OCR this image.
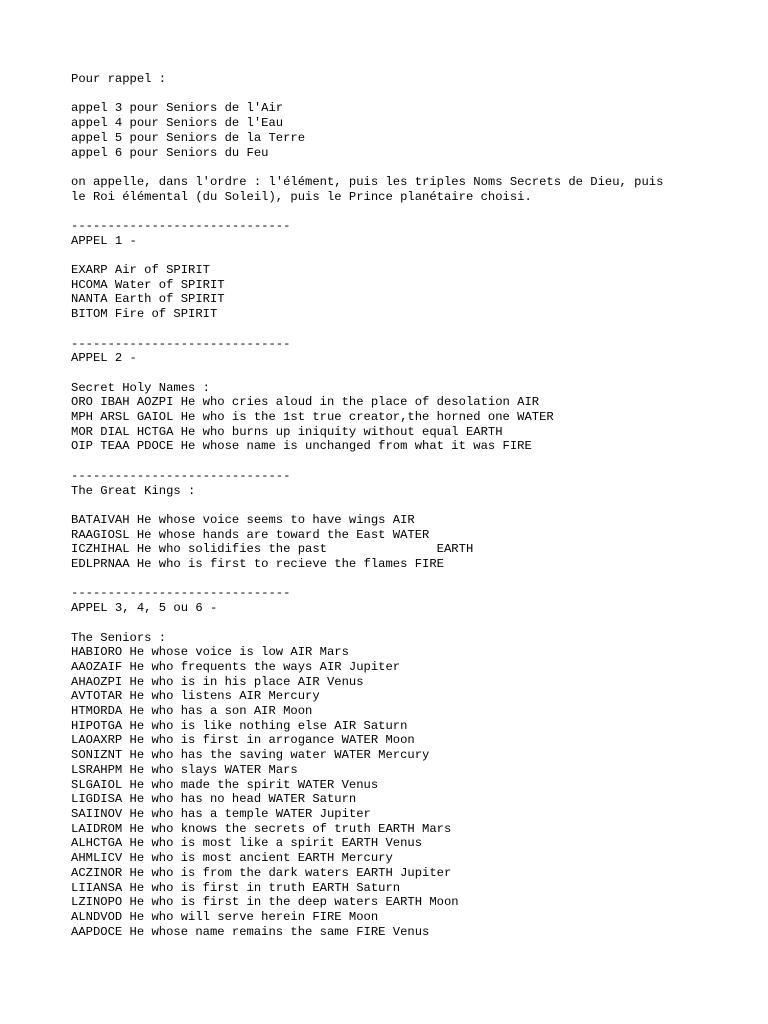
Pour rappel :
appel 3 pour Seniors de l'Air
appel 4 pour Seniors de l'Eau
appel 5 pour Seniors de la Terre
appel 6 pour Seniors du Feu
on appelle, dans l'ordre : l'élément, puis les triples Noms Secrets de Dieu, puis
le Roi élémental (du Soleil), puis le Prince planétaire choisi.
------------------------------
APPEL 1 -
EXARP Air of SPIRIT
HCOMA Water of SPIRIT
NANTA Earth of SPIRIT
BITOM Fire of SPIRIT
------------------------------
APPEL 2 -
Secret Holy Names :
ORO IBAH AOZPI He who cries aloud in the place of desolation AIR
MPH ARSL GAIOL He who is the 1st true creator,the horned one WATER
MOR DIAL HCTGA He who burns up iniquity without equal EARTH
OIP TEAA PDOCE He whose name is unchanged from what it was FIRE
------------------------------
The Great Kings :
BATAIVAH He whose voice seems to have wings AIR
RAAGIOSL He whose hands are toward the East WATER
ICZHIHAL He who solidifies the past               EARTH
EDLPRNAA He who is first to recieve the flames FIRE
------------------------------
APPEL 3, 4, 5 ou 6 -
The Seniors :
HABIORO He whose voice is low AIR Mars
AAOZAIF He who frequents the ways AIR Jupiter
AHAOZPI He who is in his place AIR Venus
AVTOTAR He who listens AIR Mercury
HTMORDA He who has a son AIR Moon
HIPOTGA He who is like nothing else AIR Saturn
LAOAXRP He who is first in arrogance WATER Moon
SONIZNT He who has the saving water WATER Mercury
LSRAHPM He who slays WATER Mars
SLGAIOL He who made the spirit WATER Venus
LIGDISA He who has no head WATER Saturn
SAIINOV He who has a temple WATER Jupiter
LAIDROM He who knows the secrets of truth EARTH Mars
ALHCTGA He who is most like a spirit EARTH Venus
AHMLICV He who is most ancient EARTH Mercury
ACZINOR He who is from the dark waters EARTH Jupiter
LIIANSA He who is first in truth EARTH Saturn
LZINOPO He who is first in the deep waters EARTH Moon
ALNDVOD He who will serve herein FIRE Moon
AAPDOCE He whose name remains the same FIRE Venus
